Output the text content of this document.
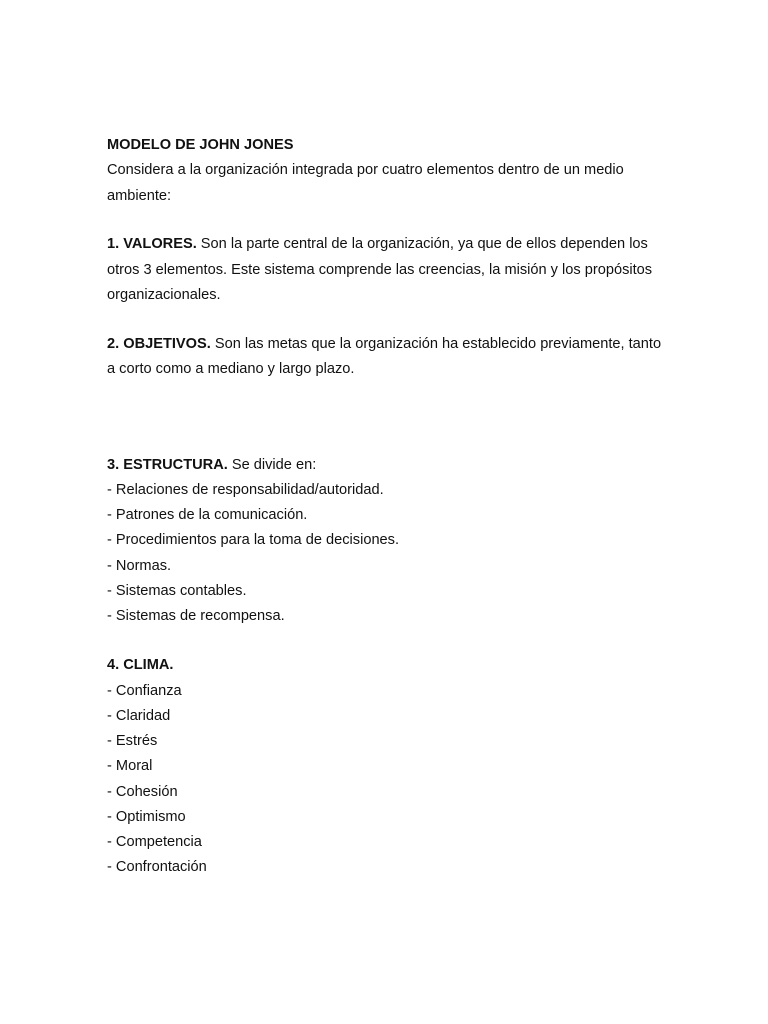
MODELO DE JOHN JONES

Considera a la organización integrada por cuatro elementos dentro de un medio ambiente:

1. VALORES. Son la parte central de la organización, ya que de ellos dependen los otros 3 elementos. Este sistema comprende las creencias, la misión y los propósitos organizacionales.

2. OBJETIVOS. Son las metas que la organización ha establecido previamente, tanto a corto como a mediano y largo plazo.

3. ESTRUCTURA. Se divide en:

- Relaciones de responsabilidad/autoridad.
- Patrones de la comunicación.
- Procedimientos para la toma de decisiones.
- Normas.
- Sistemas contables.
- Sistemas de recompensa.

4. CLIMA.

- Confianza
- Claridad
- Estrés
- Moral
- Cohesión
- Optimismo
- Competencia
- Confrontación
